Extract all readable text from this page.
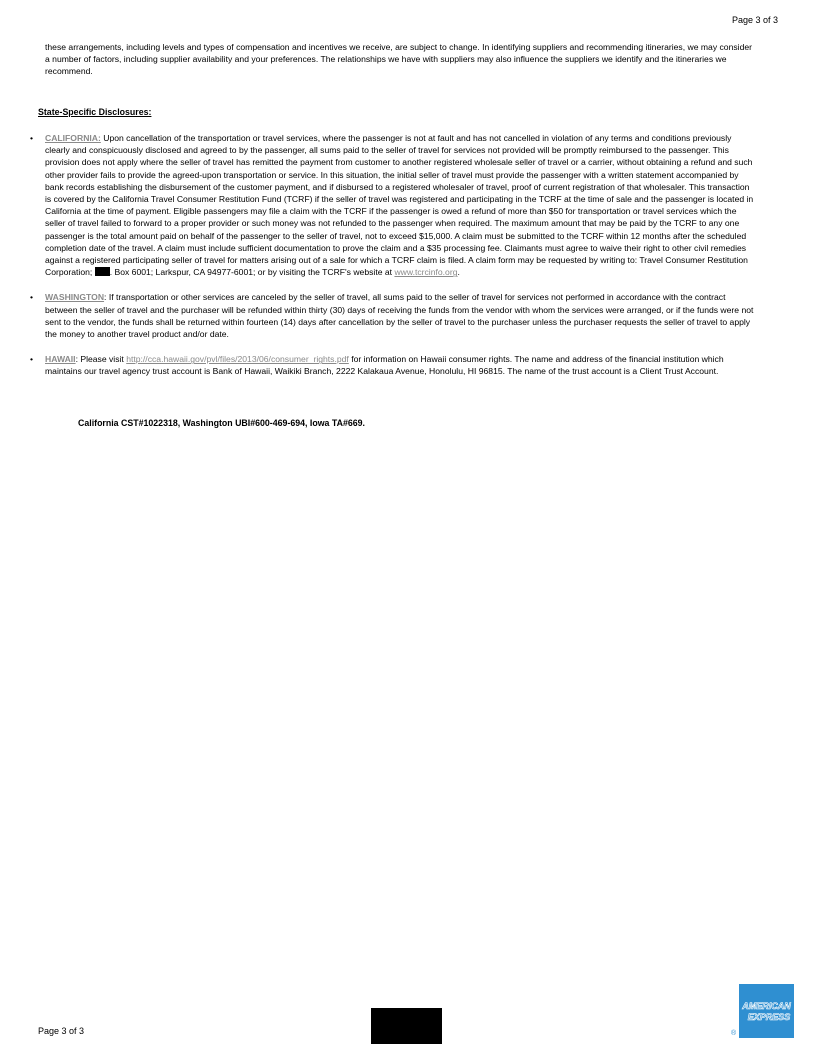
Page 3 of 3

these arrangements, including levels and types of compensation and incentives we receive, are subject to change. In identifying suppliers and recommending itineraries, we may consider a number of factors, including supplier availability and your preferences. The relationships we have with suppliers may also influence the suppliers we identify and the itineraries we recommend.

State-Specific Disclosures:

• CALIFORNIA: Upon cancellation of the transportation or travel services, where the passenger is not at fault and has not cancelled in violation of any terms and conditions previously clearly and conspicuously disclosed and agreed to by the passenger, all sums paid to the seller of travel for services not provided will be promptly reimbursed to the passenger. This provision does not apply where the seller of travel has remitted the payment from customer to another registered wholesale seller of travel or a carrier, without obtaining a refund and such other provider fails to provide the agreed-upon transportation or service. In this situation, the initial seller of travel must provide the passenger with a written statement accompanied by bank records establishing the disbursement of the customer payment, and if disbursed to a registered wholesaler of travel, proof of current registration of that wholesaler. This transaction is covered by the California Travel Consumer Restitution Fund (TCRF) if the seller of travel was registered and participating in the TCRF at the time of sale and the passenger is located in California at the time of payment. Eligible passengers may file a claim with the TCRF if the passenger is owed a refund of more than $50 for transportation or travel services which the seller of travel failed to forward to a proper provider or such money was not refunded to the passenger when required. The maximum amount that may be paid by the TCRF to any one passenger is the total amount paid on behalf of the passenger to the seller of travel, not to exceed $15,000. A claim must be submitted to the TCRF within 12 months after the scheduled completion date of the travel. A claim must include sufficient documentation to prove the claim and a $35 processing fee. Claimants must agree to waive their right to other civil remedies against a registered participating seller of travel for matters arising out of a sale for which a TCRF claim is filed. A claim form may be requested by writing to: Travel Consumer Restitution Corporation; . Box 6001; Larkspur, CA 94977-6001; or by visiting the TCRF's website at www.tcrcinfo.org.
• WASHINGTON: If transportation or other services are canceled by the seller of travel, all sums paid to the seller of travel for services not performed in accordance with the contract between the seller of travel and the purchaser will be refunded within thirty (30) days of receiving the funds from the vendor with whom the services were arranged, or if the funds were not sent to the vendor, the funds shall be returned within fourteen (14) days after cancellation by the seller of travel to the purchaser unless the purchaser requests the seller of travel to apply the money to another travel product and/or date.
• HAWAII: Please visit http://cca.hawaii.gov/pvl/files/2013/06/consumer_rights.pdf for information on Hawaii consumer rights. The name and address of the financial institution which maintains our travel agency trust account is Bank of Hawaii, Waikiki Branch, 2222 Kalakaua Avenue, Honolulu, HI 96815. The name of the trust account is a Client Trust Account.

California CST#1022318, Washington UBI#600-469-694, Iowa TA#669.

Page 3 of 3
AMERICAN
EXPRESS
®
